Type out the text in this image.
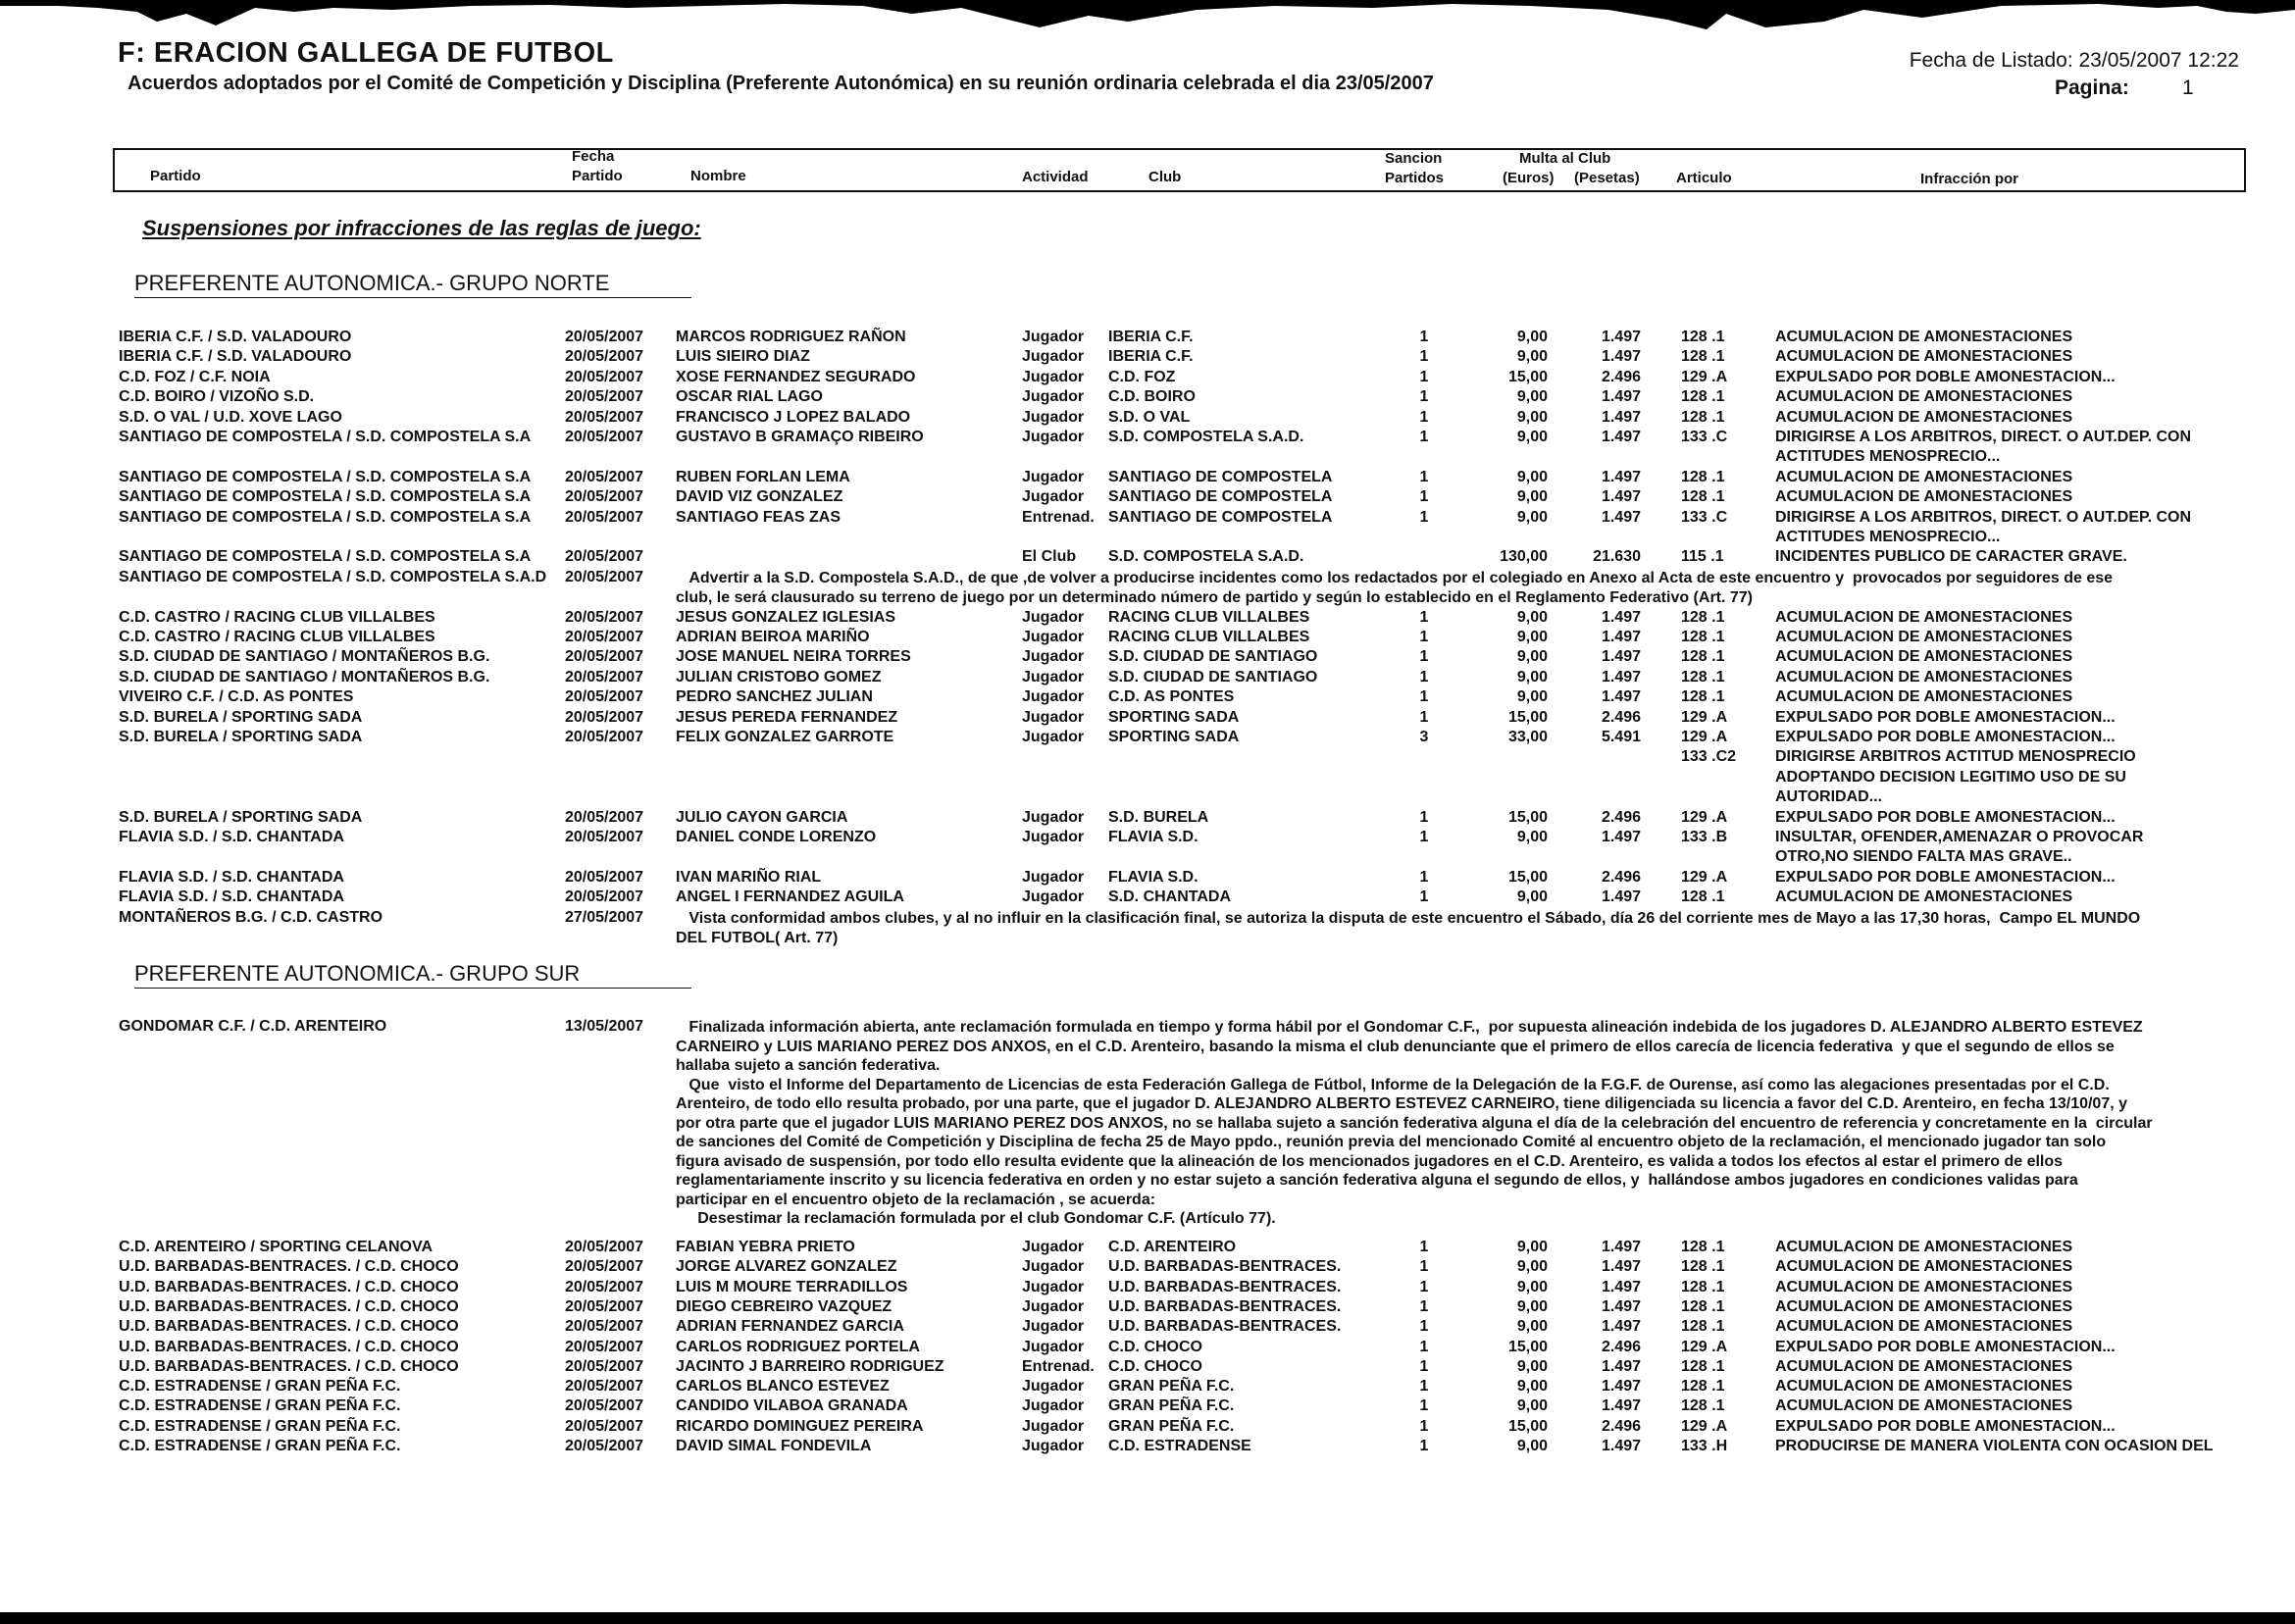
F: ERACION GALLEGA DE FUTBOL
Acuerdos adoptados por el Comité de Competición y Disciplina (Preferente Autonómica) en su reunión ordinaria celebrada el dia 23/05/2007
Fecha de Listado: 23/05/2007 12:22
Pagina:	1
Partido
Fecha
Partido	Nombre	Actividad	Club
Sancion
Partidos
Multa al Club
(Euros) (Pesetas) Articulo	Infracción por
Suspensiones por infracciones de las reglas de juego:
PREFERENTE AUTONOMICA.- GRUPO NORTE
PREFERENTE AUTONOMICA.- GRUPO SUR
IBERIA C.F. / S.D. VALADOURO	20/05/2007 MARCOS RODRIGUEZ RAÑON	Jugador IBERIA C.F.	1	9,00	1.497	128 .1	ACUMULACION DE AMONESTACIONES
IBERIA C.F. / S.D. VALADOURO	20/05/2007 LUIS SIEIRO DIAZ	Jugador IBERIA C.F.	1	9,00	1.497	128 .1	ACUMULACION DE AMONESTACIONES
C.D. FOZ / C.F. NOIA	20/05/2007 XOSE FERNANDEZ SEGURADO	Jugador C.D. FOZ	1	15,00	2.496	129 .A	EXPULSADO POR DOBLE AMONESTACION...
C.D. BOIRO / VIZOÑO S.D.	20/05/2007 OSCAR RIAL LAGO	Jugador C.D. BOIRO	1	9,00	1.497	128 .1	ACUMULACION DE AMONESTACIONES
S.D. O VAL / U.D. XOVE LAGO	20/05/2007 FRANCISCO J LOPEZ BALADO	Jugador S.D. O VAL	1	9,00	1.497	128 .1	ACUMULACION DE AMONESTACIONES
SANTIAGO DE COMPOSTELA / S.D. COMPOSTELA S.A 20/05/2007 GUSTAVO B GRAMAÇO RIBEIRO	Jugador S.D. COMPOSTELA S.A.D.	1	9,00	1.497	133 .C	DIRIGIRSE A LOS ARBITROS, DIRECT. O AUT.DEP. CON
ACTITUDES MENOSPRECIO...
SANTIAGO DE COMPOSTELA / S.D. COMPOSTELA S.A 20/05/2007 RUBEN FORLAN LEMA	Jugador SANTIAGO DE COMPOSTELA	1	9,00	1.497	128 .1	ACUMULACION DE AMONESTACIONES
SANTIAGO DE COMPOSTELA / S.D. COMPOSTELA S.A 20/05/2007 DAVID VIZ GONZALEZ	Jugador SANTIAGO DE COMPOSTELA	1	9,00	1.497	128 .1	ACUMULACION DE AMONESTACIONES
SANTIAGO DE COMPOSTELA / S.D. COMPOSTELA S.A 20/05/2007 SANTIAGO FEAS ZAS	Entrenad. SANTIAGO DE COMPOSTELA	1	9,00	1.497	133 .C	DIRIGIRSE A LOS ARBITROS, DIRECT. O AUT.DEP. CON
ACTITUDES MENOSPRECIO...
SANTIAGO DE COMPOSTELA / S.D. COMPOSTELA S.A 20/05/2007	El Club S.D. COMPOSTELA S.A.D.	130,00	21.630	115 .1	INCIDENTES PUBLICO DE CARACTER GRAVE.
SANTIAGO DE COMPOSTELA / S.D. COMPOSTELA S.A.D 20/05/2007	Advertir a la S.D. Compostela S.A.D., de que ,de volver a producirse incidentes como los redactados por el colegiado en Anexo al Acta de este encuentro y  provocados por seguidores de ese
club, le será clausurado su terreno de juego por un determinado número de partido y según lo establecido en el Reglamento Federativo (Art. 77)
C.D. CASTRO / RACING CLUB VILLALBES	20/05/2007 JESUS GONZALEZ IGLESIAS	Jugador RACING CLUB VILLALBES	1	9,00	1.497	128 .1	ACUMULACION DE AMONESTACIONES
C.D. CASTRO / RACING CLUB VILLALBES	20/05/2007 ADRIAN BEIROA MARIÑO	Jugador RACING CLUB VILLALBES	1	9,00	1.497	128 .1	ACUMULACION DE AMONESTACIONES
S.D. CIUDAD DE SANTIAGO / MONTAÑEROS B.G.	20/05/2007 JOSE MANUEL NEIRA TORRES	Jugador S.D. CIUDAD DE SANTIAGO	1	9,00	1.497	128 .1	ACUMULACION DE AMONESTACIONES
S.D. CIUDAD DE SANTIAGO / MONTAÑEROS B.G.	20/05/2007 JULIAN CRISTOBO GOMEZ	Jugador S.D. CIUDAD DE SANTIAGO	1	9,00	1.497	128 .1	ACUMULACION DE AMONESTACIONES
VIVEIRO C.F. / C.D. AS PONTES	20/05/2007 PEDRO SANCHEZ JULIAN	Jugador C.D. AS PONTES	1	9,00	1.497	128 .1	ACUMULACION DE AMONESTACIONES
S.D. BURELA / SPORTING SADA	20/05/2007 JESUS PEREDA FERNANDEZ	Jugador SPORTING SADA	1	15,00	2.496	129 .A	EXPULSADO POR DOBLE AMONESTACION...
S.D. BURELA / SPORTING SADA	20/05/2007 FELIX GONZALEZ GARROTE	Jugador SPORTING SADA	3	33,00	5.491	129 .A	EXPULSADO POR DOBLE AMONESTACION...
133 .C2 DIRIGIRSE ARBITROS ACTITUD MENOSPRECIO
ADOPTANDO DECISION LEGITIMO USO DE SU
AUTORIDAD...
S.D. BURELA / SPORTING SADA	20/05/2007 JULIO CAYON GARCIA	Jugador S.D. BURELA	1	15,00	2.496	129 .A	EXPULSADO POR DOBLE AMONESTACION...
FLAVIA S.D. / S.D. CHANTADA	20/05/2007 DANIEL CONDE LORENZO	Jugador FLAVIA S.D.	1	9,00	1.497	133 .B	INSULTAR, OFENDER,AMENAZAR O PROVOCAR
OTRO,NO SIENDO FALTA MAS GRAVE..
FLAVIA S.D. / S.D. CHANTADA	20/05/2007 IVAN MARIÑO RIAL	Jugador FLAVIA S.D.	1	15,00	2.496	129 .A	EXPULSADO POR DOBLE AMONESTACION...
FLAVIA S.D. / S.D. CHANTADA	20/05/2007 ANGEL I FERNANDEZ AGUILA	Jugador S.D. CHANTADA	1	9,00	1.497	128 .1	ACUMULACION DE AMONESTACIONES
MONTAÑEROS B.G. / C.D. CASTRO	27/05/2007	Vista conformidad ambos clubes, y al no influir en la clasificación final, se autoriza la disputa de este encuentro el Sábado, día 26 del corriente mes de Mayo a las 17,30 horas,  Campo EL MUNDO
DEL FUTBOL( Art. 77)
GONDOMAR C.F. / C.D. ARENTEIRO	13/05/2007	Finalizada información abierta, ante reclamación formulada en tiempo y forma hábil por el Gondomar C.F.,  por supuesta alineación indebida de los jugadores D. ALEJANDRO ALBERTO ESTEVEZ
CARNEIRO y LUIS MARIANO PEREZ DOS ANXOS, en el C.D. Arenteiro, basando la misma el club denunciante que el primero de ellos carecía de licencia federativa  y que el segundo de ellos se
hallaba sujeto a sanción federativa.
Que  visto el Informe del Departamento de Licencias de esta Federación Gallega de Fútbol, Informe de la Delegación de la F.G.F. de Ourense, así como las alegaciones presentadas por el C.D.
Arenteiro, de todo ello resulta probado, por una parte, que el jugador D. ALEJANDRO ALBERTO ESTEVEZ CARNEIRO, tiene diligenciada su licencia a favor del C.D. Arenteiro, en fecha 13/10/07, y
por otra parte que el jugador LUIS MARIANO PEREZ DOS ANXOS, no se hallaba sujeto a sanción federativa alguna el día de la celebración del encuentro de referencia y concretamente en la  circular
de sanciones del Comité de Competición y Disciplina de fecha 25 de Mayo ppdo., reunión previa del mencionado Comité al encuentro objeto de la reclamación, el mencionado jugador tan solo
figura avisado de suspensión, por todo ello resulta evidente que la alineación de los mencionados jugadores en el C.D. Arenteiro, es valida a todos los efectos al estar el primero de ellos
reglamentariamente inscrito y su licencia federativa en orden y no estar sujeto a sanción federativa alguna el segundo de ellos, y  hallándose ambos jugadores en condiciones validas para
participar en el encuentro objeto de la reclamación , se acuerda:
Desestimar la reclamación formulada por el club Gondomar C.F. (Artículo 77).
C.D. ARENTEIRO / SPORTING CELANOVA	20/05/2007 FABIAN YEBRA PRIETO	Jugador C.D. ARENTEIRO	1	9,00	1.497	128 .1	ACUMULACION DE AMONESTACIONES
U.D. BARBADAS-BENTRACES. / C.D. CHOCO	20/05/2007 JORGE ALVAREZ GONZALEZ	Jugador U.D. BARBADAS-BENTRACES.	1	9,00	1.497	128 .1	ACUMULACION DE AMONESTACIONES
U.D. BARBADAS-BENTRACES. / C.D. CHOCO	20/05/2007 LUIS M MOURE TERRADILLOS	Jugador U.D. BARBADAS-BENTRACES.	1	9,00	1.497	128 .1	ACUMULACION DE AMONESTACIONES
U.D. BARBADAS-BENTRACES. / C.D. CHOCO	20/05/2007 DIEGO CEBREIRO VAZQUEZ	Jugador U.D. BARBADAS-BENTRACES.	1	9,00	1.497	128 .1	ACUMULACION DE AMONESTACIONES
U.D. BARBADAS-BENTRACES. / C.D. CHOCO	20/05/2007 ADRIAN FERNANDEZ GARCIA	Jugador U.D. BARBADAS-BENTRACES.	1	9,00	1.497	128 .1	ACUMULACION DE AMONESTACIONES
U.D. BARBADAS-BENTRACES. / C.D. CHOCO	20/05/2007 CARLOS RODRIGUEZ PORTELA	Jugador C.D. CHOCO	1	15,00	2.496	129 .A	EXPULSADO POR DOBLE AMONESTACION...
U.D. BARBADAS-BENTRACES. / C.D. CHOCO	20/05/2007 JACINTO J BARREIRO RODRIGUEZ	Entrenad. C.D. CHOCO	1	9,00	1.497	128 .1	ACUMULACION DE AMONESTACIONES
C.D. ESTRADENSE / GRAN PEÑA F.C.	20/05/2007 CARLOS BLANCO ESTEVEZ	Jugador GRAN PEÑA F.C.	1	9,00	1.497	128 .1	ACUMULACION DE AMONESTACIONES
C.D. ESTRADENSE / GRAN PEÑA F.C.	20/05/2007 CANDIDO VILABOA GRANADA	Jugador GRAN PEÑA F.C.	1	9,00	1.497	128 .1	ACUMULACION DE AMONESTACIONES
C.D. ESTRADENSE / GRAN PEÑA F.C.	20/05/2007 RICARDO DOMINGUEZ PEREIRA	Jugador GRAN PEÑA F.C.	1	15,00	2.496	129 .A	EXPULSADO POR DOBLE AMONESTACION...
C.D. ESTRADENSE / GRAN PEÑA F.C.	20/05/2007 DAVID SIMAL FONDEVILA	Jugador C.D. ESTRADENSE	1	9,00	1.497	133 .H	PRODUCIRSE DE MANERA VIOLENTA CON OCASION DEL
